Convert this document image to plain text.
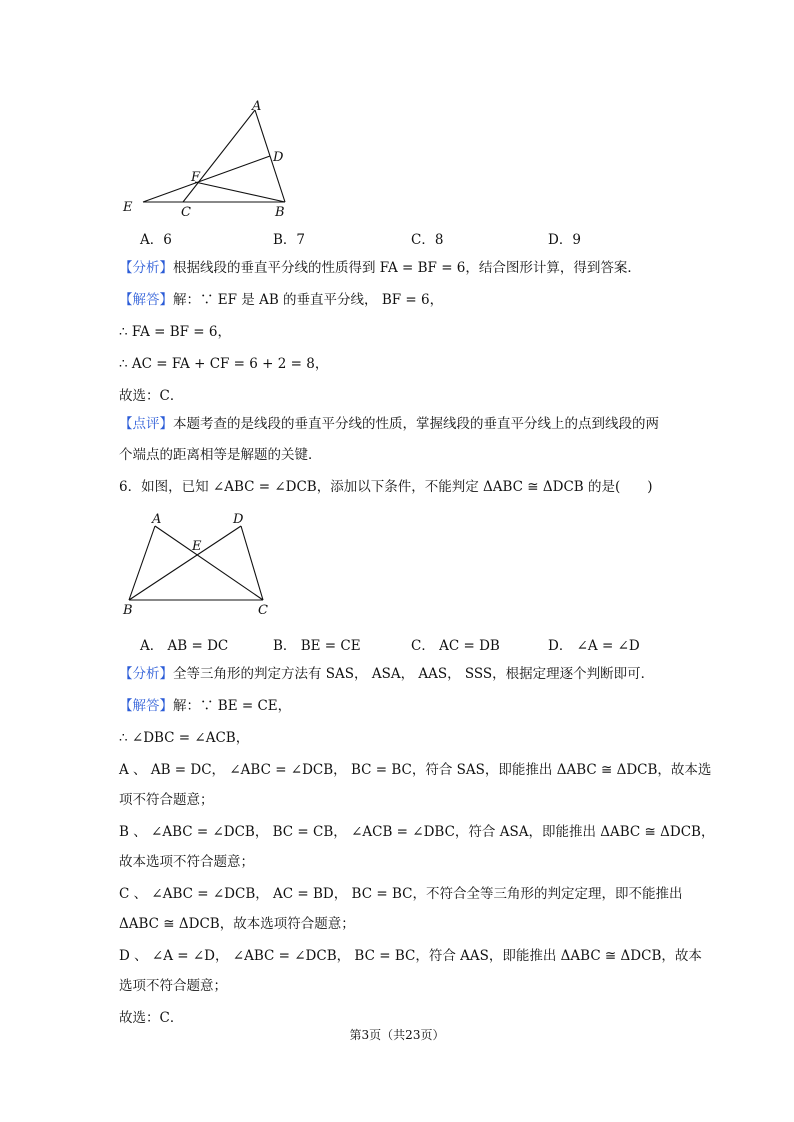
A
D
F
E	C	B
A．6	B．7	C．8	D．9
【分析】根据线段的垂直平分线的性质得到 FA = BF = 6，结合图形计算，得到答案．
【解答】解：∵ EF 是 AB 的垂直平分线， BF = 6，
∴ FA = BF = 6，
∴ AC = FA + CF = 6 + 2 = 8，
故选：C．
【点评】本题考查的是线段的垂直平分线的性质，掌握线段的垂直平分线上的点到线段的两
个端点的距离相等是解题的关键．
6．如图，已知 ∠ABC = ∠DCB，添加以下条件，不能判定 ΔABC ≅ ΔDCB 的是(　　)
A	D
E
B	C
A． AB = DC	B． BE = CE	C． AC = DB	D． ∠A = ∠D
【分析】全等三角形的判定方法有 SAS， ASA， AAS， SSS，根据定理逐个判断即可．
【解答】解：∵ BE = CE，
∴ ∠DBC = ∠ACB，
A 、 AB = DC， ∠ABC = ∠DCB， BC = BC，符合 SAS，即能推出 ΔABC ≅ ΔDCB，故本选
项不符合题意；
B 、 ∠ABC = ∠DCB， BC = CB， ∠ACB = ∠DBC，符合 ASA，即能推出 ΔABC ≅ ΔDCB，
故本选项不符合题意；
C 、 ∠ABC = ∠DCB， AC = BD， BC = BC，不符合全等三角形的判定定理，即不能推出
ΔABC ≅ ΔDCB，故本选项符合题意；
D 、 ∠A = ∠D， ∠ABC = ∠DCB， BC = BC，符合 AAS，即能推出 ΔABC ≅ ΔDCB，故本
选项不符合题意；
故选：C．
第3页（共23页）
